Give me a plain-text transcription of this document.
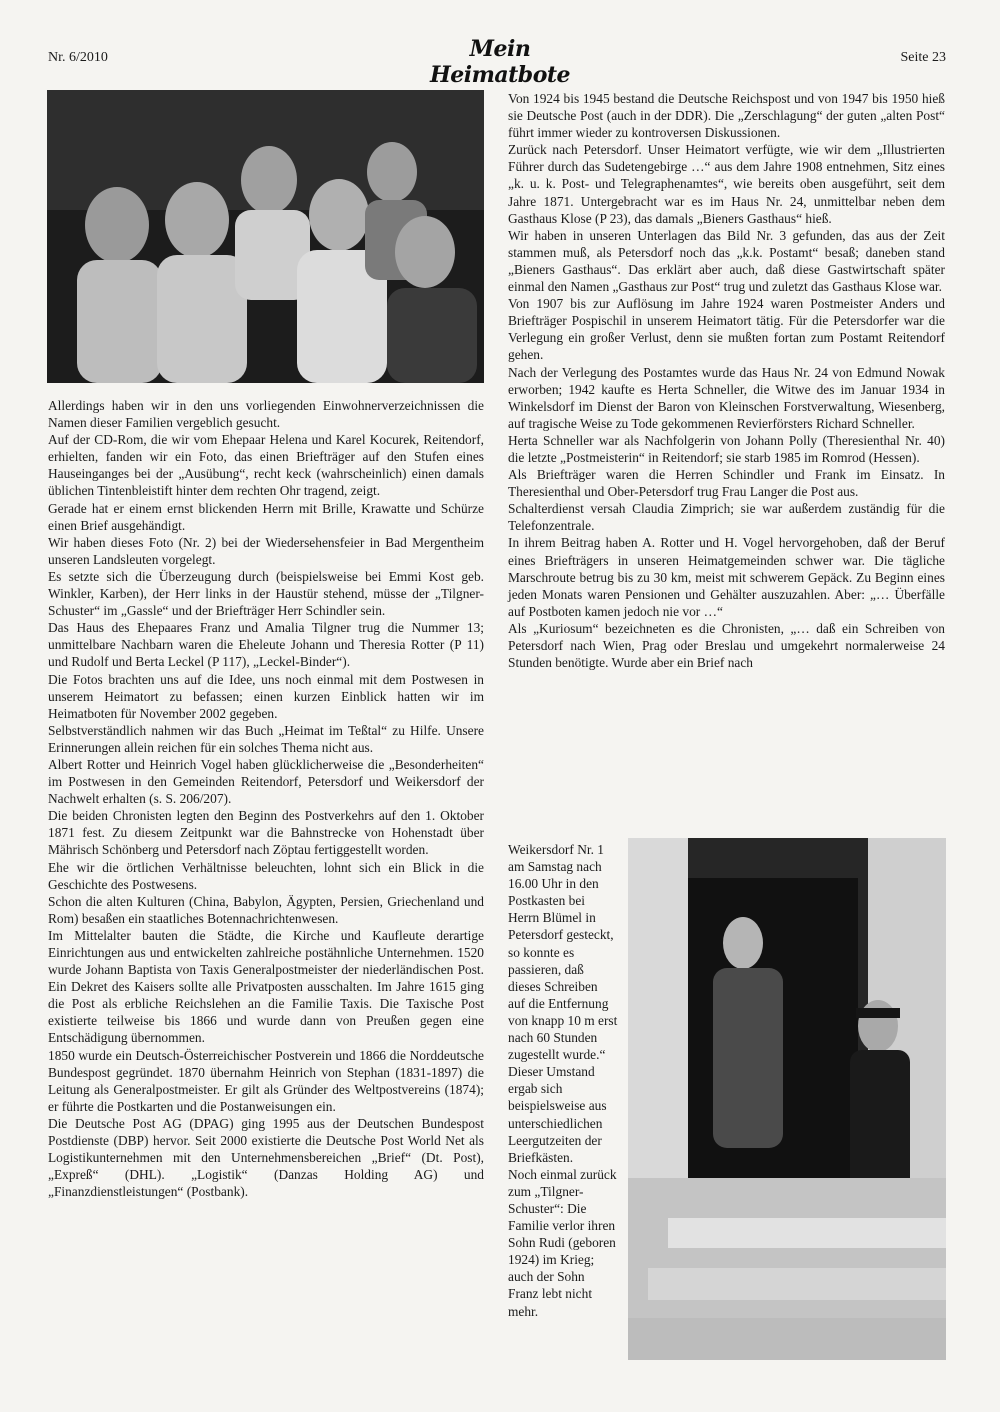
Nr. 6/2010	Mein Heimatbote
Seite 23

Allerdings haben wir in den uns vorliegenden Einwohnerverzeichnissen die Namen dieser Familien vergeblich gesucht.

Auf der CD-Rom, die wir vom Ehepaar Helena und Karel Kocurek, Reitendorf, erhielten, fanden wir ein Foto, das einen Briefträger auf den Stufen eines Hauseinganges bei der „Ausübung“, recht keck (wahrscheinlich) einen damals üblichen Tintenbleistift hinter dem rechten Ohr tragend, zeigt.

Gerade hat er einem ernst blickenden Herrn mit Brille, Krawatte und Schürze einen Brief ausgehändigt.

Wir haben dieses Foto (Nr. 2) bei der Wiedersehensfeier in Bad Mergentheim unseren Landsleuten vorgelegt.

Es setzte sich die Überzeugung durch (beispielsweise bei Emmi Kost geb. Winkler, Karben), der Herr links in der Haustür stehend, müsse der „Tilgner-Schuster“ im „Gassle“ und der Briefträger Herr Schindler sein.

Das Haus des Ehepaares Franz und Amalia Tilgner trug die Nummer 13; unmittelbare Nachbarn waren die Eheleute Johann und Theresia Rotter (P 11) und Rudolf und Berta Leckel (P 117), „Leckel-Binder“).

Die Fotos brachten uns auf die Idee, uns noch einmal mit dem Postwesen in unserem Heimatort zu befassen; einen kurzen Einblick hatten wir im Heimatboten für November 2002 gegeben.

Selbstverständlich nahmen wir das Buch „Heimat im Teßtal“ zu Hilfe. Unsere Erinnerungen allein reichen für ein solches Thema nicht aus.

Albert Rotter und Heinrich Vogel haben glücklicherweise die „Besonderheiten“ im Postwesen in den Gemeinden Reitendorf, Petersdorf und Weikersdorf der Nachwelt erhalten (s. S. 206/207).

Die beiden Chronisten legten den Beginn des Postverkehrs auf den 1. Oktober 1871 fest. Zu diesem Zeitpunkt war die Bahnstrecke von Hohenstadt über Mährisch Schönberg und Petersdorf nach Zöptau fertiggestellt worden.

Ehe wir die örtlichen Verhältnisse beleuchten, lohnt sich ein Blick in die Geschichte des Postwesens.

Schon die alten Kulturen (China, Babylon, Ägypten, Persien, Griechenland und Rom) besaßen ein staatliches Botennachrichtenwesen.

Im Mittelalter bauten die Städte, die Kirche und Kaufleute derartige Einrichtungen aus und entwickelten zahlreiche postähnliche Unternehmen. 1520 wurde Johann Baptista von Taxis Generalpostmeister der niederländischen Post. Ein Dekret des Kaisers sollte alle Privatposten ausschalten. Im Jahre 1615 ging die Post als erbliche Reichslehen an die Familie Taxis. Die Taxische Post existierte teilweise bis 1866 und wurde dann von Preußen gegen eine Entschädigung übernommen.

1850 wurde ein Deutsch-Österreichischer Postverein und 1866 die Norddeutsche Bundespost gegründet. 1870 übernahm Heinrich von Stephan (1831-1897) die Leitung als Generalpostmeister. Er gilt als Gründer des Weltpostvereins (1874); er führte die Postkarten und die Postanweisungen ein.

Die Deutsche Post AG (DPAG) ging 1995 aus der Deutschen Bundespost Postdienste (DBP) hervor. Seit 2000 existierte die Deutsche Post World Net als Logistikunternehmen mit den Unternehmensbereichen „Brief“ (Dt. Post), „Expreß“ (DHL). „Logistik“ (Danzas Holding AG) und „Finanzdienstleistungen“ (Postbank).

Von 1924 bis 1945 bestand die Deutsche Reichspost und von 1947 bis 1950 hieß sie Deutsche Post (auch in der DDR). Die „Zerschlagung“ der guten „alten Post“ führt immer wieder zu kontroversen Diskussionen.

Zurück nach Petersdorf. Unser Heimatort verfügte, wie wir dem „Illustrierten Führer durch das Sudetengebirge …“ aus dem Jahre 1908 entnehmen, Sitz eines „k. u. k. Post- und Telegraphenamtes“, wie bereits oben ausgeführt, seit dem Jahre 1871. Untergebracht war es im Haus Nr. 24, unmittelbar neben dem Gasthaus Klose (P 23), das damals „Bieners Gasthaus“ hieß.

Wir haben in unseren Unterlagen das Bild Nr. 3 gefunden, das aus der Zeit stammen muß, als Petersdorf noch das „k.k. Postamt“ besaß; daneben stand „Bieners Gasthaus“. Das erklärt aber auch, daß diese Gastwirtschaft später einmal den Namen „Gasthaus zur Post“ trug und zuletzt das Gasthaus Klose war.

Von 1907 bis zur Auflösung im Jahre 1924 waren Postmeister Anders und Briefträger Pospischil in unserem Heimatort tätig. Für die Petersdorfer war die Verlegung ein großer Verlust, denn sie mußten fortan zum Postamt Reitendorf gehen.

Nach der Verlegung des Postamtes wurde das Haus Nr. 24 von Edmund Nowak erworben; 1942 kaufte es Herta Schneller, die Witwe des im Januar 1934 in Winkelsdorf im Dienst der Baron von Kleinschen Forstverwaltung, Wiesenberg, auf tragische Weise zu Tode gekommenen Revierförsters Richard Schneller.

Herta Schneller war als Nachfolgerin von Johann Polly (Theresienthal Nr. 40) die letzte „Postmeisterin“ in Reitendorf; sie starb 1985 im Romrod (Hessen).

Als Briefträger waren die Herren Schindler und Frank im Einsatz. In Theresienthal und Ober-Petersdorf trug Frau Langer die Post aus.

Schalterdienst versah Claudia Zimprich; sie war außerdem zuständig für die Telefonzentrale.

In ihrem Beitrag haben A. Rotter und H. Vogel hervorgehoben, daß der Beruf eines Briefträgers in unseren Heimatgemeinden schwer war. Die tägliche Marschroute betrug bis zu 30 km, meist mit schwerem Gepäck. Zu Beginn eines jeden Monats waren Pensionen und Gehälter auszuzahlen. Aber: „… Überfälle auf Postboten kamen jedoch nie vor …“

Als „Kuriosum“ bezeichneten es die Chronisten, „… daß ein Schreiben von Petersdorf nach Wien, Prag oder Breslau und umgekehrt normalerweise 24 Stunden benötigte. Wurde aber ein Brief nach

Weikersdorf Nr. 1 am Samstag nach 16.00 Uhr in den Postkasten bei Herrn Blümel in Petersdorf gesteckt, so konnte es passieren, daß dieses Schreiben auf die Entfernung von knapp 10 m erst nach 60 Stunden zugestellt wurde.“

Dieser Umstand ergab sich beispielsweise aus unterschiedlichen Leergutzeiten der Briefkästen.

Noch einmal zurück zum „Tilgner-Schuster“: Die Familie verlor ihren Sohn Rudi (geboren 1924) im Krieg; auch der Sohn Franz lebt nicht mehr.
